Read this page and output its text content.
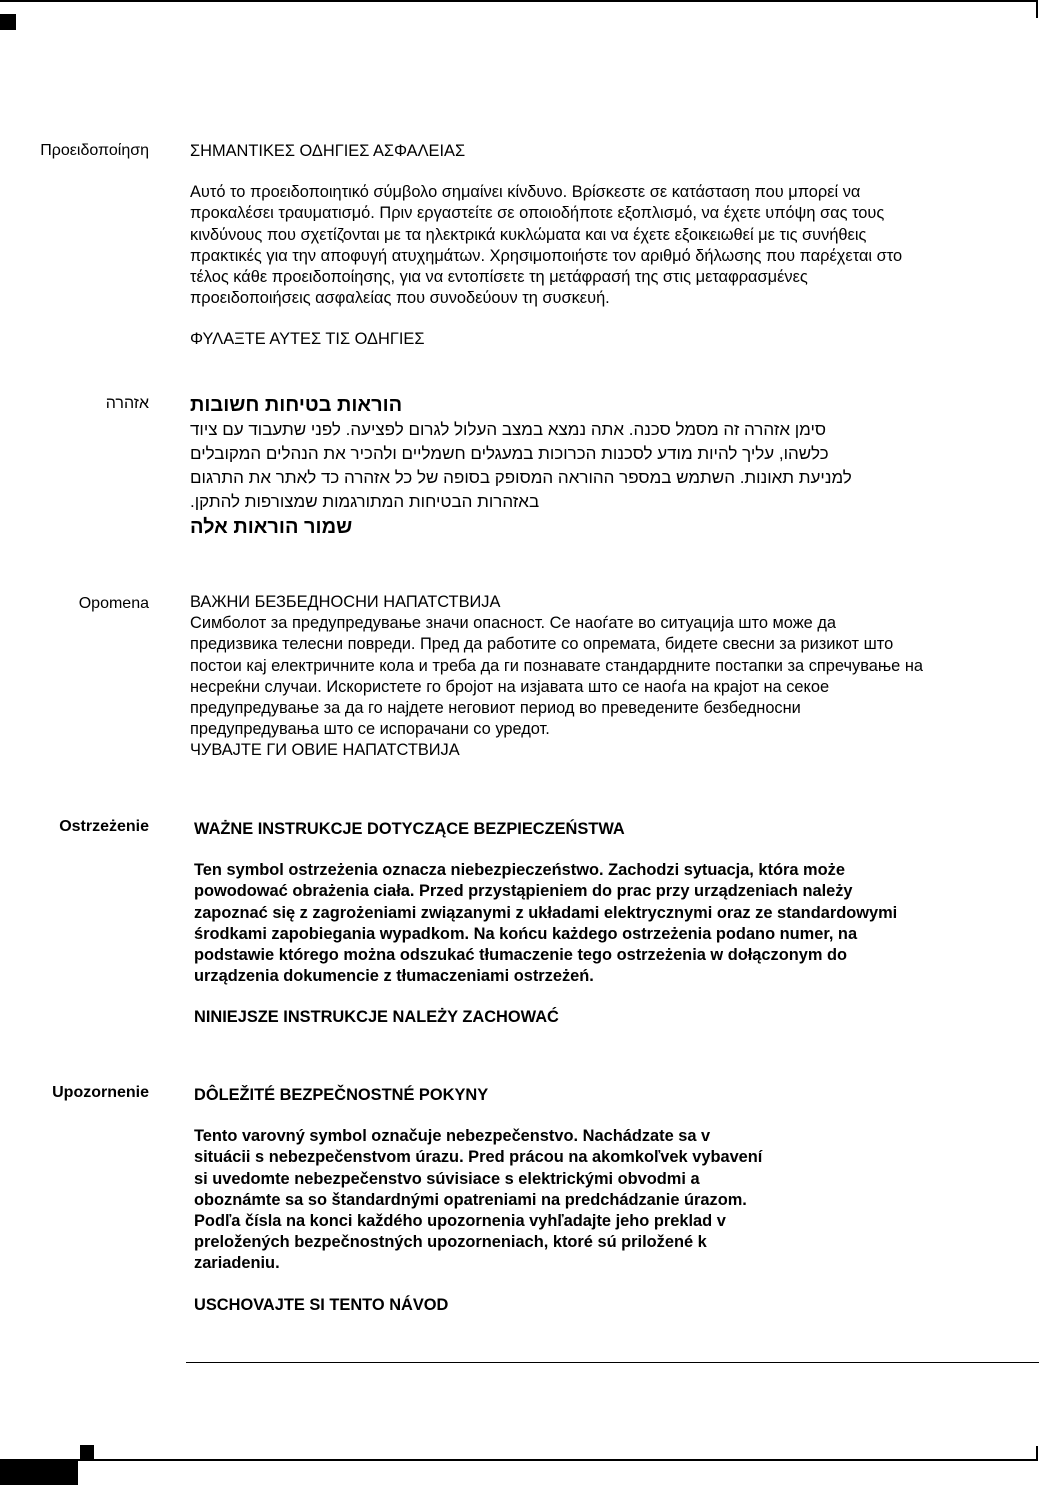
Προειδοποίηση	ΣΗΜΑΝΤΙΚΕΣ ΟΔΗΓΙΕΣ ΑΣΦΑΛΕΙΑΣ

Αυτό το προειδοποιητικό σύμβολο σημαίνει κίνδυνο. Βρίσκεστε σε κατάσταση που μπορεί να

προκαλέσει τραυματισμό. Πριν εργαστείτε σε οποιοδήποτε εξοπλισμό, να έχετε υπόψη σας τους

κινδύνους που σχετίζονται με τα ηλεκτρικά κυκλώματα και να έχετε εξοικειωθεί με τις συνήθεις

πρακτικές για την αποφυγή ατυχημάτων. Χρησιμοποιήστε τον αριθμό δήλωσης που παρέχεται στο

τέλος κάθε προειδοποίησης, για να εντοπίσετε τη μετάφρασή της στις μεταφρασμένες

προειδοποιήσεις ασφαλείας που συνοδεύουν τη συσκευή.

ΦΥΛΑΞΤΕ ΑΥΤΕΣ ΤΙΣ ΟΔΗΓΙΕΣ

אזהרה הוראות בטיחות חשובות

סימן אזהרה זה מסמל סכנה. אתה נמצא במצב העלול לגרום לפציעה. לפני שתעבוד עם ציוד

כלשהו, עליך להיות מודע לסכנות הכרוכות במעגלים חשמליים ולהכיר את הנהלים המקובלים

למניעת תאונות. השתמש במספר ההוראה המסופק בסופה של כל אזהרה כד לאתר את התרגום

באזהרות הבטיחות המתורגמות שמצורפות להתקן.

שמור הוראות אלה

Opomena	ВАЖНИ БЕЗБЕДНОСНИ НАПАТСТВИЈА

Симболот за предупредување значи опасност. Се наоѓате во ситуација што може да

предизвика телесни повреди. Пред да работите со опремата, бидете свесни за ризикот што

постои кај електричните кола и треба да ги познавате стандардните постапки за спречување на

несреќни случаи. Искористете го бројот на изјавата што се наоѓа на крајот на секое

предупредување за да го најдете неговиот период во преведените безбедносни

предупредувања што се испорачани со уредот.

ЧУВАЈТЕ ГИ ОВИЕ НАПАТСТВИЈА

Ostrzeżenie	WAŻNE INSTRUKCJE DOTYCZĄCE BEZPIECZEŃSTWA

Ten symbol ostrzeżenia oznacza niebezpieczeństwo. Zachodzi sytuacja, która może

powodować obrażenia ciała. Przed przystąpieniem do prac przy urządzeniach należy

zapoznać się z zagrożeniami związanymi z układami elektrycznymi oraz ze standardowymi

środkami zapobiegania wypadkom. Na końcu każdego ostrzeżenia podano numer, na

podstawie którego można odszukać tłumaczenie tego ostrzeżenia w dołączonym do

urządzenia dokumencie z tłumaczeniami ostrzeżeń.

NINIEJSZE INSTRUKCJE NALEŻY ZACHOWAĆ

Upozornenie	DÔLEŽITÉ BEZPEČNOSTNÉ POKYNY

Tento varovný symbol označuje nebezpečenstvo. Nachádzate sa v

situácii s nebezpečenstvom úrazu. Pred prácou na akomkoľvek vybavení

si uvedomte nebezpečenstvo súvisiace s elektrickými obvodmi a

oboznámte sa so štandardnými opatreniami na predchádzanie úrazom.

Podľa čísla na konci každého upozornenia vyhľadajte jeho preklad v

preložených bezpečnostných upozorneniach, ktoré sú priložené k

zariadeniu.

USCHOVAJTE SI TENTO NÁVOD
